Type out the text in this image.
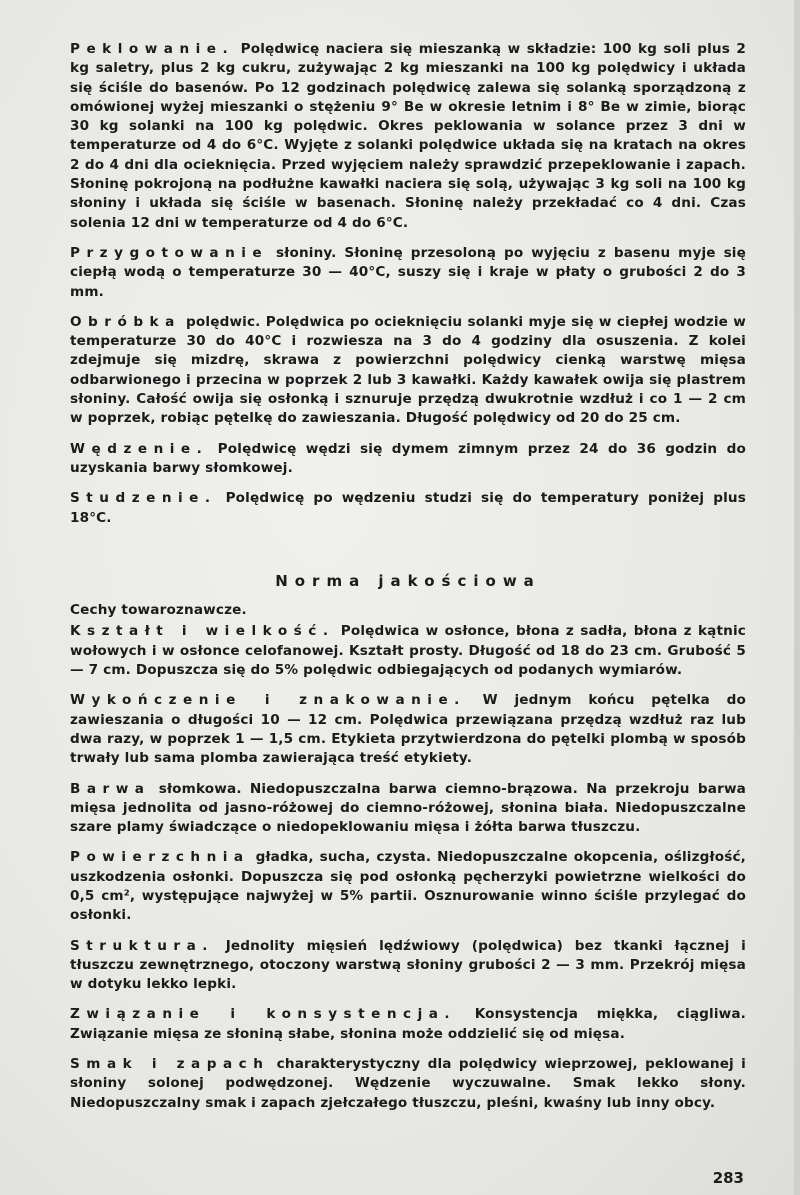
Peklowanie. Polędwicę naciera się mieszanką w składzie: 100 kg soli plus 2 kg saletry, plus 2 kg cukru, zużywając 2 kg mieszanki na 100 kg polędwicy i układa się ściśle do basenów. Po 12 godzinach polędwicę zalewa się solanką sporządzoną z omówionej wyżej mieszanki o stężeniu 9° Be w okresie letnim i 8° Be w zimie, biorąc 30 kg solanki na 100 kg polędwic. Okres peklowania w solance przez 3 dni w temperaturze od 4 do 6°C. Wyjęte z solanki polędwice układa się na kratach na okres 2 do 4 dni dla ocieknięcia. Przed wyjęciem należy sprawdzić przepeklowanie i zapach. Słoninę pokrojoną na podłużne kawałki naciera się solą, używając 3 kg soli na 100 kg słoniny i układa się ściśle w basenach. Słoninę należy przekładać co 4 dni. Czas solenia 12 dni w temperaturze od 4 do 6°C.

Przygotowanie słoniny. Słoninę przesoloną po wyjęciu z basenu myje się ciepłą wodą o temperaturze 30 — 40°C, suszy się i kraje w płaty o grubości 2 do 3 mm.

Obróbka polędwic. Polędwica po ocieknięciu solanki myje się w ciepłej wodzie w temperaturze 30 do 40°C i rozwiesza na 3 do 4 godziny dla osuszenia. Z kolei zdejmuje się mizdrę, skrawa z powierzchni polędwicy cienką warstwę mięsa odbarwionego i przecina w poprzek 2 lub 3 kawałki. Każdy kawałek owija się plastrem słoniny. Całość owija się osłonką i sznuruje przędzą dwukrotnie wzdłuż i co 1 — 2 cm w poprzek, robiąc pętelkę do zawieszania. Długość polędwicy od 20 do 25 cm.

Wędzenie. Polędwicę wędzi się dymem zimnym przez 24 do 36 godzin do uzyskania barwy słomkowej.

Studzenie. Polędwicę po wędzeniu studzi się do temperatury poniżej plus 18°C.

Norma jakościowa
Cechy towaroznawcze.

Kształt i wielkość. Polędwica w osłonce, błona z sadła, błona z kątnic wołowych i w osłonce celofanowej. Kształt prosty. Długość od 18 do 23 cm. Grubość 5 — 7 cm. Dopuszcza się do 5% polędwic odbiegających od podanych wymiarów.

Wykończenie i znakowanie. W jednym końcu pętelka do zawieszania o długości 10 — 12 cm. Polędwica przewiązana przędzą wzdłuż raz lub dwa razy, w poprzek 1 — 1,5 cm. Etykieta przytwierdzona do pętelki plombą w sposób trwały lub sama plomba zawierająca treść etykiety.

Barwa słomkowa. Niedopuszczalna barwa ciemno-brązowa. Na przekroju barwa mięsa jednolita od jasno-różowej do ciemno-różowej, słonina biała. Niedopuszczalne szare plamy świadczące o niedopeklowaniu mięsa i żółta barwa tłuszczu.

Powierzchnia gładka, sucha, czysta. Niedopuszczalne okopcenia, oślizgłość, uszkodzenia osłonki. Dopuszcza się pod osłonką pęcherzyki powietrzne wielkości do 0,5 cm², występujące najwyżej w 5% partii. Osznurowanie winno ściśle przylegać do osłonki.

Struktura. Jednolity mięsień lędźwiowy (polędwica) bez tkanki łącznej i tłuszczu zewnętrznego, otoczony warstwą słoniny grubości 2 — 3 mm. Przekrój mięsa w dotyku lekko lepki.

Związanie i konsystencja. Konsystencja miękka, ciągliwa. Związanie mięsa ze słoniną słabe, słonina może oddzielić się od mięsa.

Smak i zapach charakterystyczny dla polędwicy wieprzowej, peklowanej i słoniny solonej podwędzonej. Wędzenie wyczuwalne. Smak lekko słony. Niedopuszczalny smak i zapach zjełczałego tłuszczu, pleśni, kwaśny lub inny obcy.

283
